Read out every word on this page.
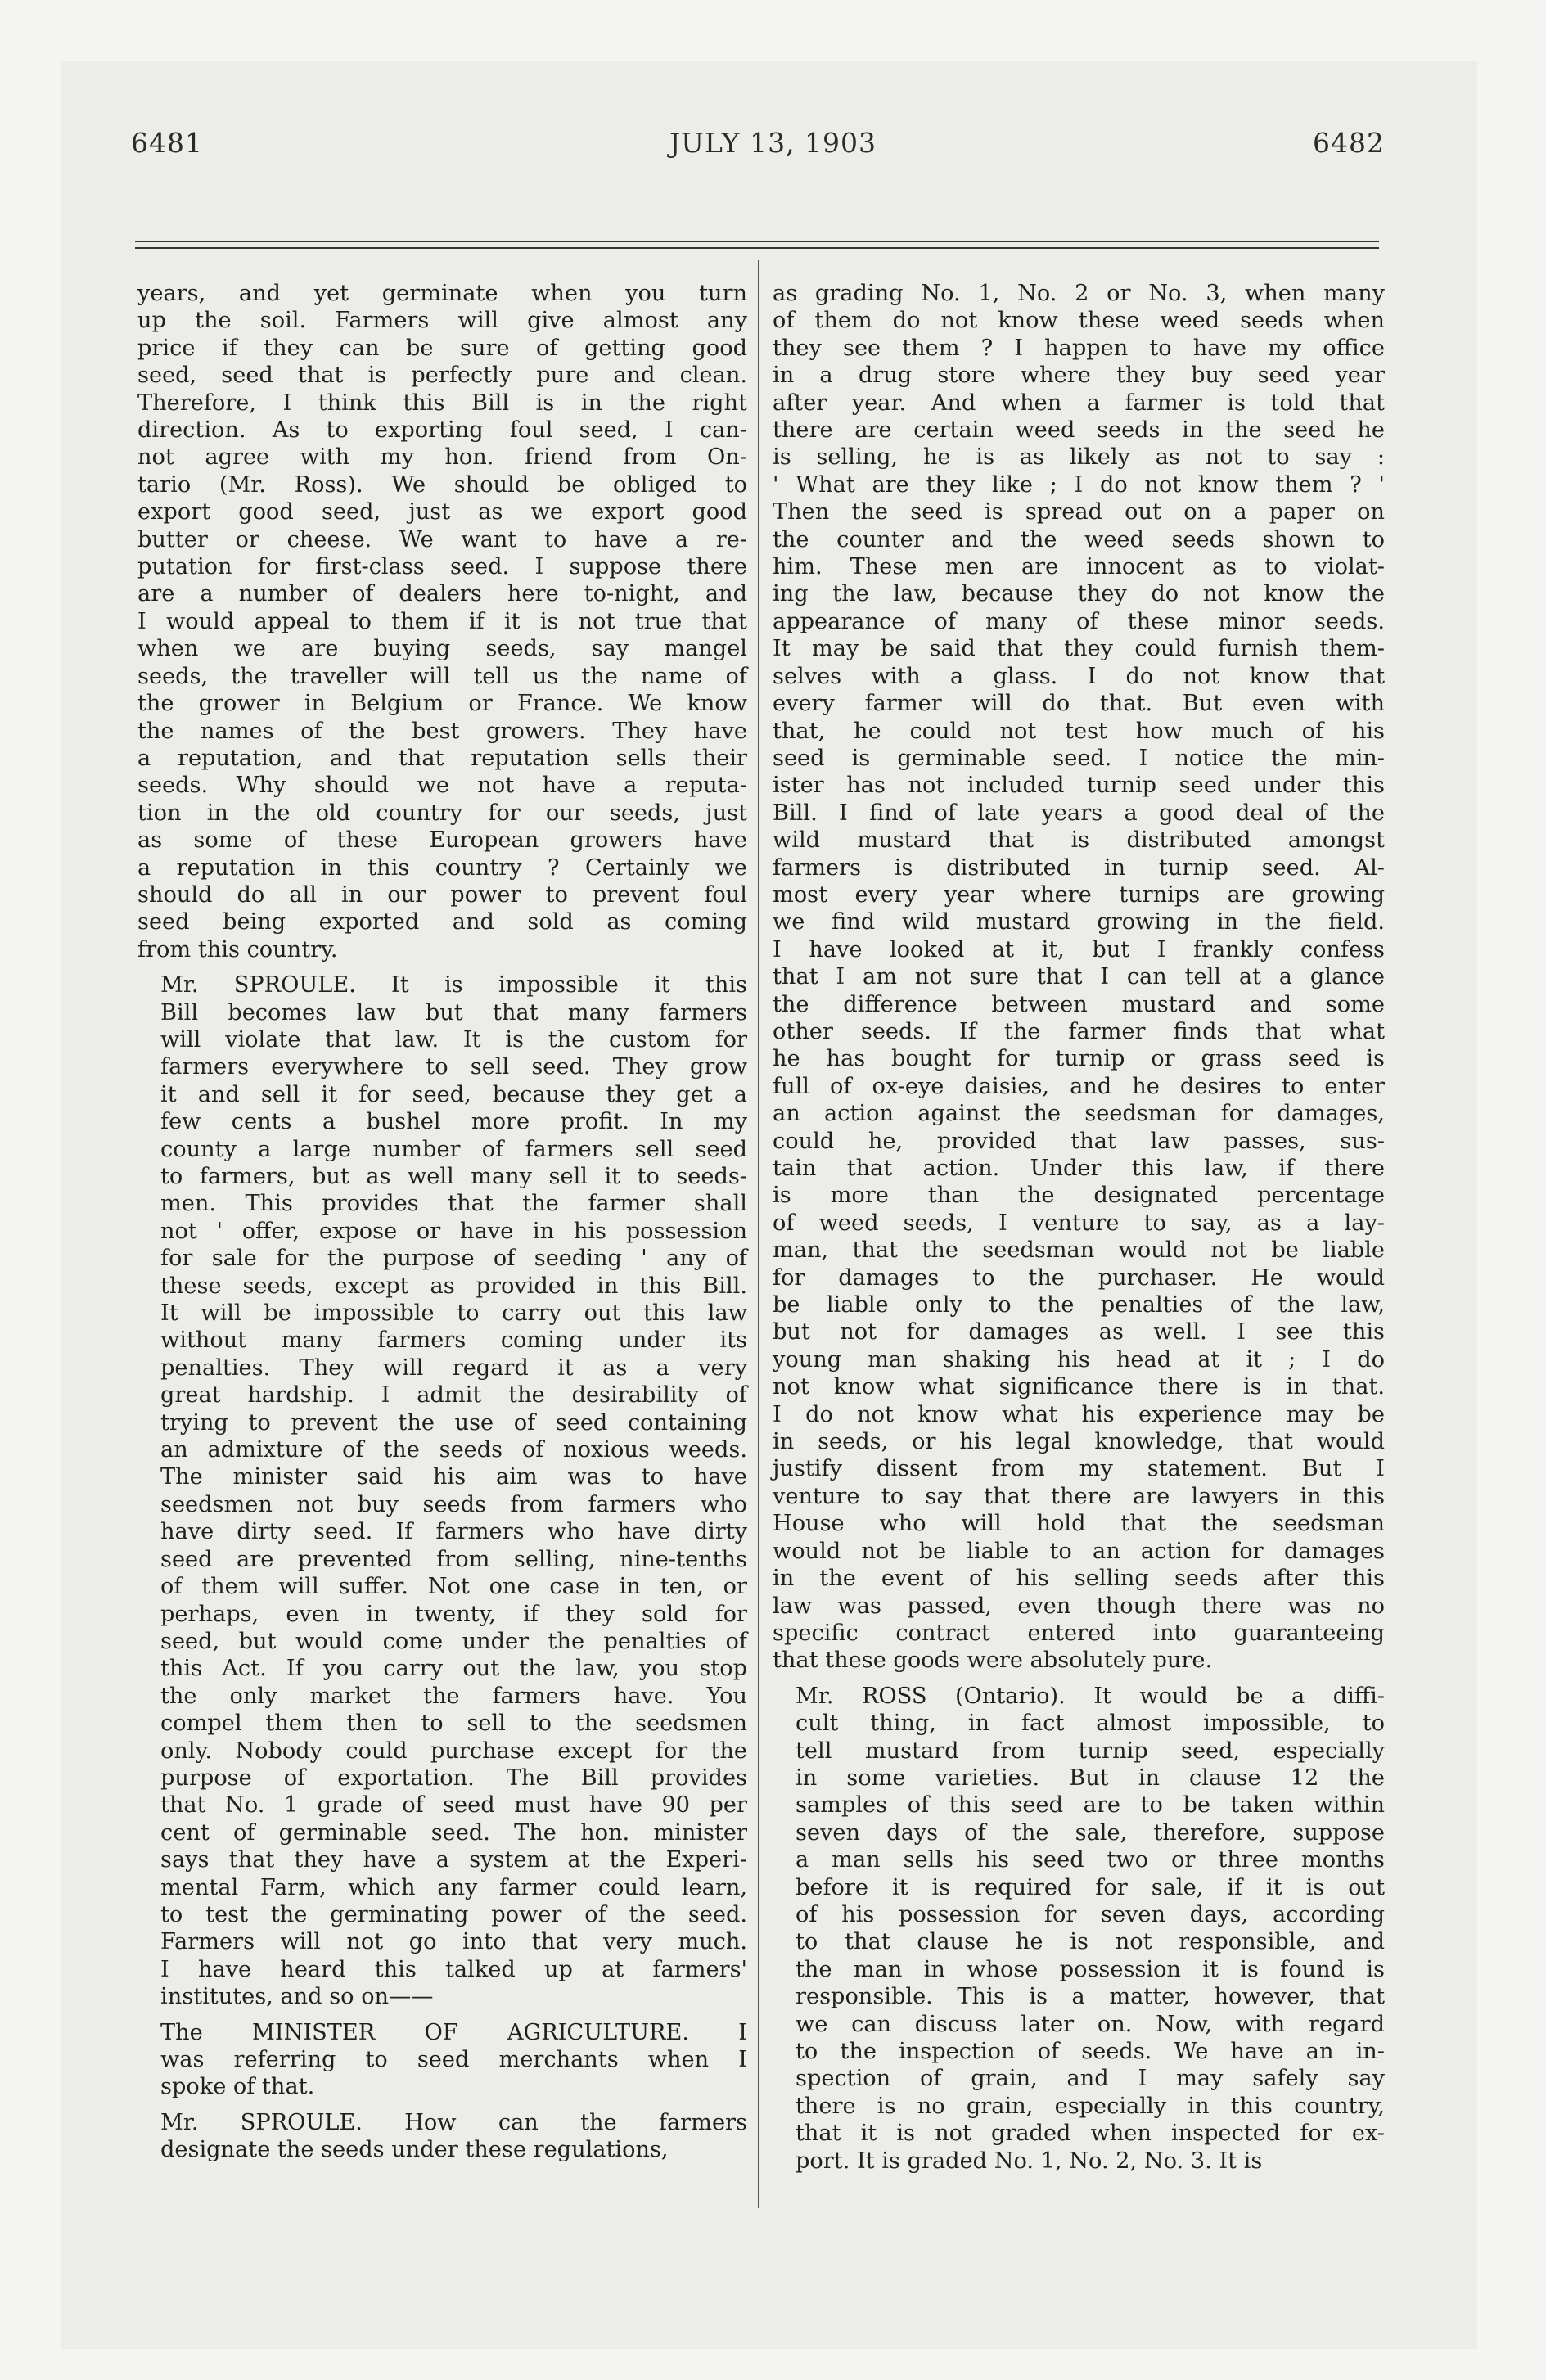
6481	JULY 13, 1903	6482

years, and yet germinate when you turn
up the soil. Farmers will give almost any
price if they can be sure of getting good
seed, seed that is perfectly pure and clean.
Therefore, I think this Bill is in the right
direction. As to exporting foul seed, I can-
not agree with my hon. friend from On-
tario (Mr. Ross). We should be obliged to
export good seed, just as we export good
butter or cheese. We want to have a re-
putation for first-class seed. I suppose there
are a number of dealers here to-night, and
I would appeal to them if it is not true that
when we are buying seeds, say mangel
seeds, the traveller will tell us the name of
the grower in Belgium or France. We know
the names of the best growers. They have
a reputation, and that reputation sells their
seeds. Why should we not have a reputa-
tion in the old country for our seeds, just
as some of these European growers have
a reputation in this country ? Certainly we
should do all in our power to prevent foul
seed being exported and sold as coming
from this country.

Mr. SPROULE. It is impossible it this
Bill becomes law but that many farmers
will violate that law. It is the custom for
farmers everywhere to sell seed. They grow
it and sell it for seed, because they get a
few cents a bushel more profit. In my
county a large number of farmers sell seed
to farmers, but as well many sell it to seeds-
men. This provides that the farmer shall
not ' offer, expose or have in his possession
for sale for the purpose of seeding ' any of
these seeds, except as provided in this Bill.
It will be impossible to carry out this law
without many farmers coming under its
penalties. They will regard it as a very
great hardship. I admit the desirability of
trying to prevent the use of seed containing
an admixture of the seeds of noxious weeds.
The minister said his aim was to have
seedsmen not buy seeds from farmers who
have dirty seed. If farmers who have dirty
seed are prevented from selling, nine-tenths
of them will suffer. Not one case in ten, or
perhaps, even in twenty, if they sold for
seed, but would come under the penalties of
this Act. If you carry out the law, you stop
the only market the farmers have. You
compel them then to sell to the seedsmen
only. Nobody could purchase except for the
purpose of exportation. The Bill provides
that No. 1 grade of seed must have 90 per
cent of germinable seed. The hon. minister
says that they have a system at the Experi-
mental Farm, which any farmer could learn,
to test the germinating power of the seed.
Farmers will not go into that very much.
I have heard this talked up at farmers'
institutes, and so on——

The MINISTER OF AGRICULTURE. I
was referring to seed merchants when I
spoke of that.

Mr. SPROULE. How can the farmers
designate the seeds under these regulations,

as grading No. 1, No. 2 or No. 3, when many
of them do not know these weed seeds when
they see them ? I happen to have my office
in a drug store where they buy seed year
after year. And when a farmer is told that
there are certain weed seeds in the seed he
is selling, he is as likely as not to say :
' What are they like ; I do not know them ? '
Then the seed is spread out on a paper on
the counter and the weed seeds shown to
him. These men are innocent as to violat-
ing the law, because they do not know the
appearance of many of these minor seeds.
It may be said that they could furnish them-
selves with a glass. I do not know that
every farmer will do that. But even with
that, he could not test how much of his
seed is germinable seed. I notice the min-
ister has not included turnip seed under this
Bill. I find of late years a good deal of the
wild mustard that is distributed amongst
farmers is distributed in turnip seed. Al-
most every year where turnips are growing
we find wild mustard growing in the field.
I have looked at it, but I frankly confess
that I am not sure that I can tell at a glance
the difference between mustard and some
other seeds. If the farmer finds that what
he has bought for turnip or grass seed is
full of ox-eye daisies, and he desires to enter
an action against the seedsman for damages,
could he, provided that law passes, sus-
tain that action. Under this law, if there
is more than the designated percentage
of weed seeds, I venture to say, as a lay-
man, that the seedsman would not be liable
for damages to the purchaser. He would
be liable only to the penalties of the law,
but not for damages as well. I see this
young man shaking his head at it ; I do
not know what significance there is in that.
I do not know what his experience may be
in seeds, or his legal knowledge, that would
justify dissent from my statement. But I
venture to say that there are lawyers in this
House who will hold that the seedsman
would not be liable to an action for damages
in the event of his selling seeds after this
law was passed, even though there was no
specific contract entered into guaranteeing
that these goods were absolutely pure.

Mr. ROSS (Ontario). It would be a diffi-
cult thing, in fact almost impossible, to
tell mustard from turnip seed, especially
in some varieties. But in clause 12 the
samples of this seed are to be taken within
seven days of the sale, therefore, suppose
a man sells his seed two or three months
before it is required for sale, if it is out
of his possession for seven days, according
to that clause he is not responsible, and
the man in whose possession it is found is
responsible. This is a matter, however, that
we can discuss later on. Now, with regard
to the inspection of seeds. We have an in-
spection of grain, and I may safely say
there is no grain, especially in this country,
that it is not graded when inspected for ex-
port. It is graded No. 1, No. 2, No. 3. It is
